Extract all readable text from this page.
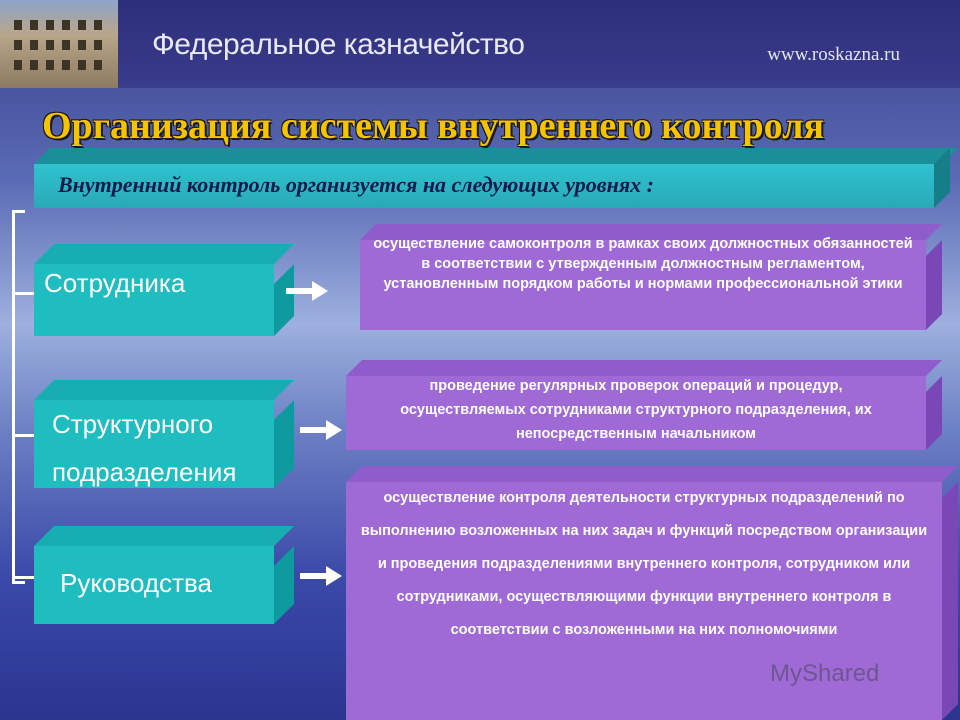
Федеральное казначейство	www.roskazna.ru
Организация системы внутреннего контроля
Внутренний контроль организуется на следующих уровнях :
Сотрудника
осуществление самоконтроля в рамках своих должностных обязанностей в соответствии с утвержденным должностным регламентом, установленным порядком работы и нормами профессиональной этики
Структурного
подразделения
проведение регулярных проверок операций и процедур, осуществляемых сотрудниками структурного подразделения, их непосредственным начальником
Руководства
осуществление контроля деятельности структурных подразделений по выполнению возложенных на них задач и функций посредством организации и проведения подразделениями внутреннего контроля, сотрудником или сотрудниками, осуществляющими функции внутреннего контроля в соответствии с возложенными на них полномочиями
MyShared
